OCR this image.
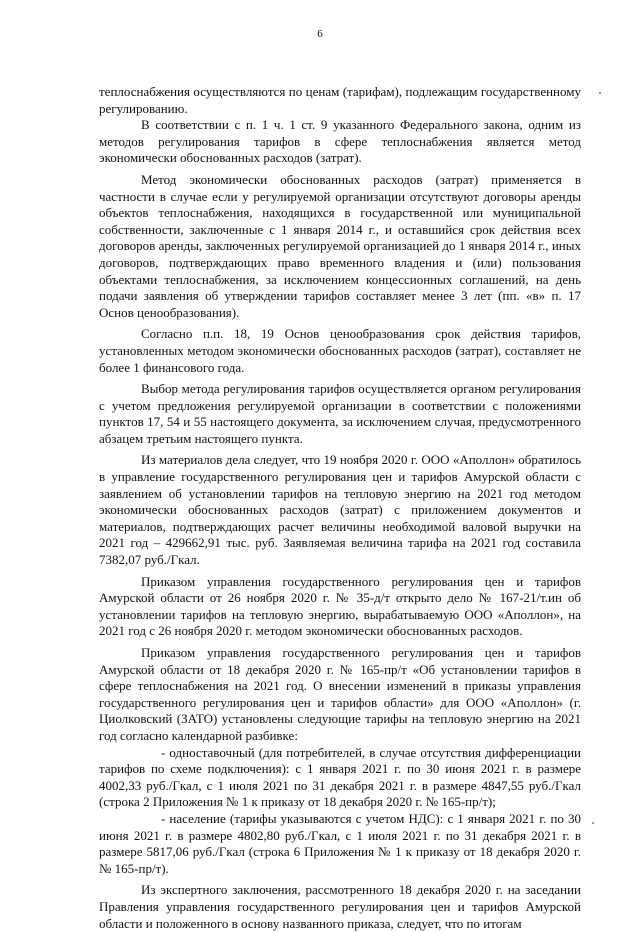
6

теплоснабжения осуществляются по ценам (тарифам), подлежащим государственному регулированию.

В соответствии с п. 1 ч. 1 ст. 9 указанного Федерального закона, одним из методов регулирования тарифов в сфере теплоснабжения является метод экономически обоснованных расходов (затрат).

Метод экономически обоснованных расходов (затрат) применяется в частности в случае если у регулируемой организации отсутствуют договоры аренды объектов теплоснабжения, находящихся в государственной или муниципальной собственности, заключенные с 1 января 2014 г., и оставшийся срок действия всех договоров аренды, заключенных регулируемой организацией до 1 января 2014 г., иных договоров, подтверждающих право временного владения и (или) пользования объектами теплоснабжения, за исключением концессионных соглашений, на день подачи заявления об утверждении тарифов составляет менее 3 лет (пп. «в» п. 17 Основ ценообразования).

Согласно п.п. 18, 19 Основ ценообразования срок действия тарифов, установленных методом экономически обоснованных расходов (затрат), составляет не более 1 финансового года.

Выбор метода регулирования тарифов осуществляется органом регулирования с учетом предложения регулируемой организации в соответствии с положениями пунктов 17, 54 и 55 настоящего документа, за исключением случая, предусмотренного абзацем третьим настоящего пункта.

Из материалов дела следует, что 19 ноября 2020 г. ООО «Аполлон» обратилось в управление государственного регулирования цен и тарифов Амурской области с заявлением об установлении тарифов на тепловую энергию на 2021 год методом экономически обоснованных расходов (затрат) с приложением документов и материалов, подтверждающих расчет величины необходимой валовой выручки на 2021 год – 429662,91 тыс. руб. Заявляемая величина тарифа на 2021 год составила 7382,07 руб./Гкал.

Приказом управления государственного регулирования цен и тарифов Амурской области от 26 ноября 2020 г. № 35-д/т открыто дело № 167-21/т.ин об установлении тарифов на тепловую энергию, вырабатываемую ООО «Аполлон», на 2021 год с 26 ноября 2020 г. методом экономически обоснованных расходов.

Приказом управления государственного регулирования цен и тарифов Амурской области от 18 декабря 2020 г. № 165-пр/т «Об установлении тарифов в сфере теплоснабжения на 2021 год. О внесении изменений в приказы управления государственного регулирования цен и тарифов области» для ООО «Аполлон» (г. Циолковский (ЗАТО) установлены следующие тарифы на тепловую энергию на 2021 год согласно календарной разбивке:

- одноставочный (для потребителей, в случае отсутствия дифференциации тарифов по схеме подключения): с 1 января 2021 г. по 30 июня 2021 г. в размере 4002,33 руб./Гкал, с 1 июля 2021 по 31 декабря 2021 г. в размере 4847,55 руб./Гкал (строка 2 Приложения № 1 к приказу от 18 декабря 2020 г. № 165-пр/т);

- население (тарифы указываются с учетом НДС): с 1 января 2021 г. по 30 июня 2021 г. в размере 4802,80 руб./Гкал, с 1 июля 2021 г. по 31 декабря 2021 г. в размере 5817,06 руб./Гкал (строка 6 Приложения № 1 к приказу от 18 декабря 2020 г. № 165-пр/т).

Из экспертного заключения, рассмотренного 18 декабря 2020 г. на заседании Правления управления государственного регулирования цен и тарифов Амурской области и положенного в основу названного приказа, следует, что по итогам
